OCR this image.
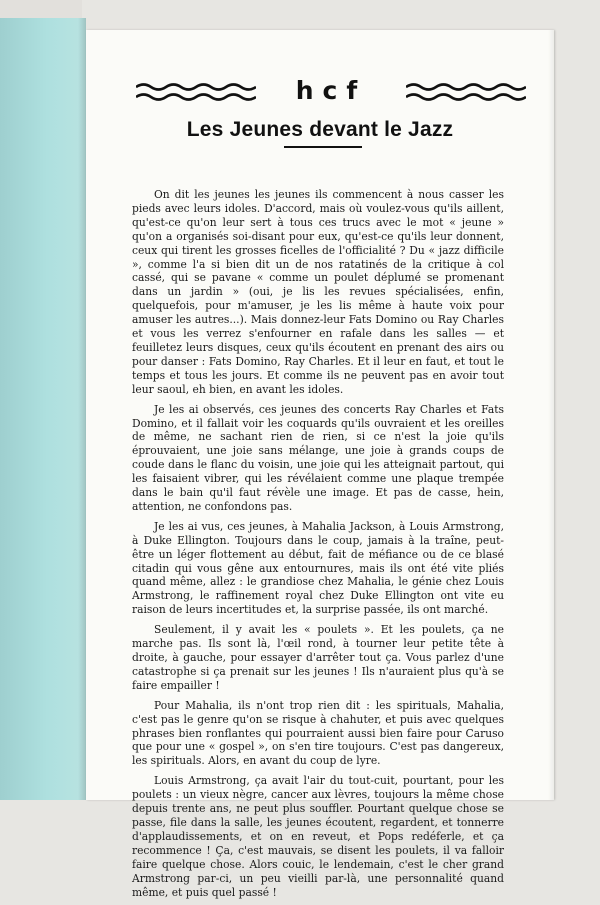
hcf
Les Jeunes devant le Jazz

On dit les jeunes les jeunes ils commencent à nous casser les pieds avec leurs idoles. D'accord, mais où voulez-vous qu'ils aillent, qu'est-ce qu'on leur sert à tous ces trucs avec le mot « jeune » qu'on a organisés soi-disant pour eux, qu'est-ce qu'ils leur donnent, ceux qui tirent les grosses ficelles de l'officialité ? Du « jazz difficile », comme l'a si bien dit un de nos ratatinés de la critique à col cassé, qui se pavane « comme un poulet déplumé se promenant dans un jardin » (oui, je lis les revues spécialisées, enfin, quelquefois, pour m'amuser, je les lis même à haute voix pour amuser les autres...). Mais donnez-leur Fats Domino ou Ray Charles et vous les verrez s'enfourner en rafale dans les salles — et feuilletez leurs disques, ceux qu'ils écoutent en prenant des airs ou pour danser : Fats Domino, Ray Charles. Et il leur en faut, et tout le temps et tous les jours. Et comme ils ne peuvent pas en avoir tout leur saoul, eh bien, en avant les idoles.

Je les ai observés, ces jeunes des concerts Ray Charles et Fats Domino, et il fallait voir les coquards qu'ils ouvraient et les oreilles de même, ne sachant rien de rien, si ce n'est la joie qu'ils éprouvaient, une joie sans mélange, une joie à grands coups de coude dans le flanc du voisin, une joie qui les atteignait partout, qui les faisaient vibrer, qui les révélaient comme une plaque trempée dans le bain qu'il faut révèle une image. Et pas de casse, hein, attention, ne confondons pas.

Je les ai vus, ces jeunes, à Mahalia Jackson, à Louis Armstrong, à Duke Ellington. Toujours dans le coup, jamais à la traîne, peut-être un léger flottement au début, fait de méfiance ou de ce blasé citadin qui vous gêne aux entournures, mais ils ont été vite pliés quand même, allez : le grandiose chez Mahalia, le génie chez Louis Armstrong, le raffinement royal chez Duke Ellington ont vite eu raison de leurs incertitudes et, la surprise passée, ils ont marché.

Seulement, il y avait les « poulets ». Et les poulets, ça ne marche pas. Ils sont là, l'œil rond, à tourner leur petite tête à droite, à gauche, pour essayer d'arrêter tout ça. Vous parlez d'une catastrophe si ça prenait sur les jeunes ! Ils n'auraient plus qu'à se faire empailler !

Pour Mahalia, ils n'ont trop rien dit : les spirituals, Mahalia, c'est pas le genre qu'on se risque à chahuter, et puis avec quelques phrases bien ronflantes qui pourraient aussi bien faire pour Caruso que pour une « gospel », on s'en tire toujours. C'est pas dangereux, les spirituals. Alors, en avant du coup de lyre.

Louis Armstrong, ça avait l'air du tout-cuit, pourtant, pour les poulets : un vieux nègre, cancer aux lèvres, toujours la même chose depuis trente ans, ne peut plus souffler. Pourtant quelque chose se passe, file dans la salle, les jeunes écoutent, regardent, et tonnerre d'applaudissements, et on en reveut, et Pops redéferle, et ça recommence ! Ça, c'est mauvais, se disent les poulets, il va falloir faire quelque chose. Alors couic, le lendemain, c'est le cher grand Armstrong par-ci, un peu vieilli par-là, une personnalité quand même, et puis quel passé !
